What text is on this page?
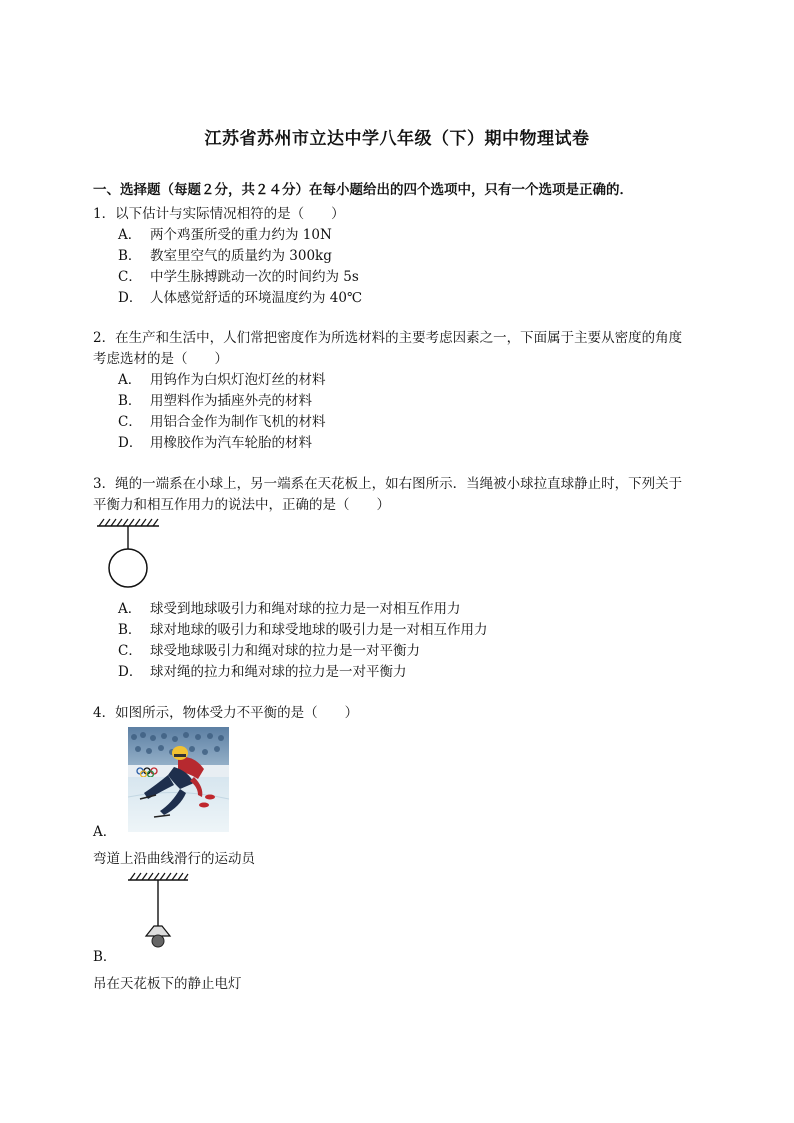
江苏省苏州市立达中学八年级（下）期中物理试卷
一、选择题（每题２分，共２４分）在每小题给出的四个选项中，只有一个选项是正确的．
1．以下估计与实际情况相符的是（　　）
A． 两个鸡蛋所受的重力约为 10N
B． 教室里空气的质量约为 300kg
C． 中学生脉搏跳动一次的时间约为 5s
D． 人体感觉舒适的环境温度约为 40℃
2．在生产和生活中，人们常把密度作为所选材料的主要考虑因素之一，下面属于主要从密度的角度
考虑选材的是（　　）
A． 用钨作为白炽灯泡灯丝的材料
B． 用塑料作为插座外壳的材料
C． 用铝合金作为制作飞机的材料
D． 用橡胶作为汽车轮胎的材料
3．绳的一端系在小球上，另一端系在天花板上，如右图所示．当绳被小球拉直球静止时，下列关于
平衡力和相互作用力的说法中，正确的是（　　）
A． 球受到地球吸引力和绳对球的拉力是一对相互作用力
B． 球对地球的吸引力和球受地球的吸引力是一对相互作用力
C． 球受地球吸引力和绳对球的拉力是一对平衡力
D． 球对绳的拉力和绳对球的拉力是一对平衡力
4．如图所示，物体受力不平衡的是（　　）
A．
弯道上沿曲线滑行的运动员
B．
吊在天花板下的静止电灯
